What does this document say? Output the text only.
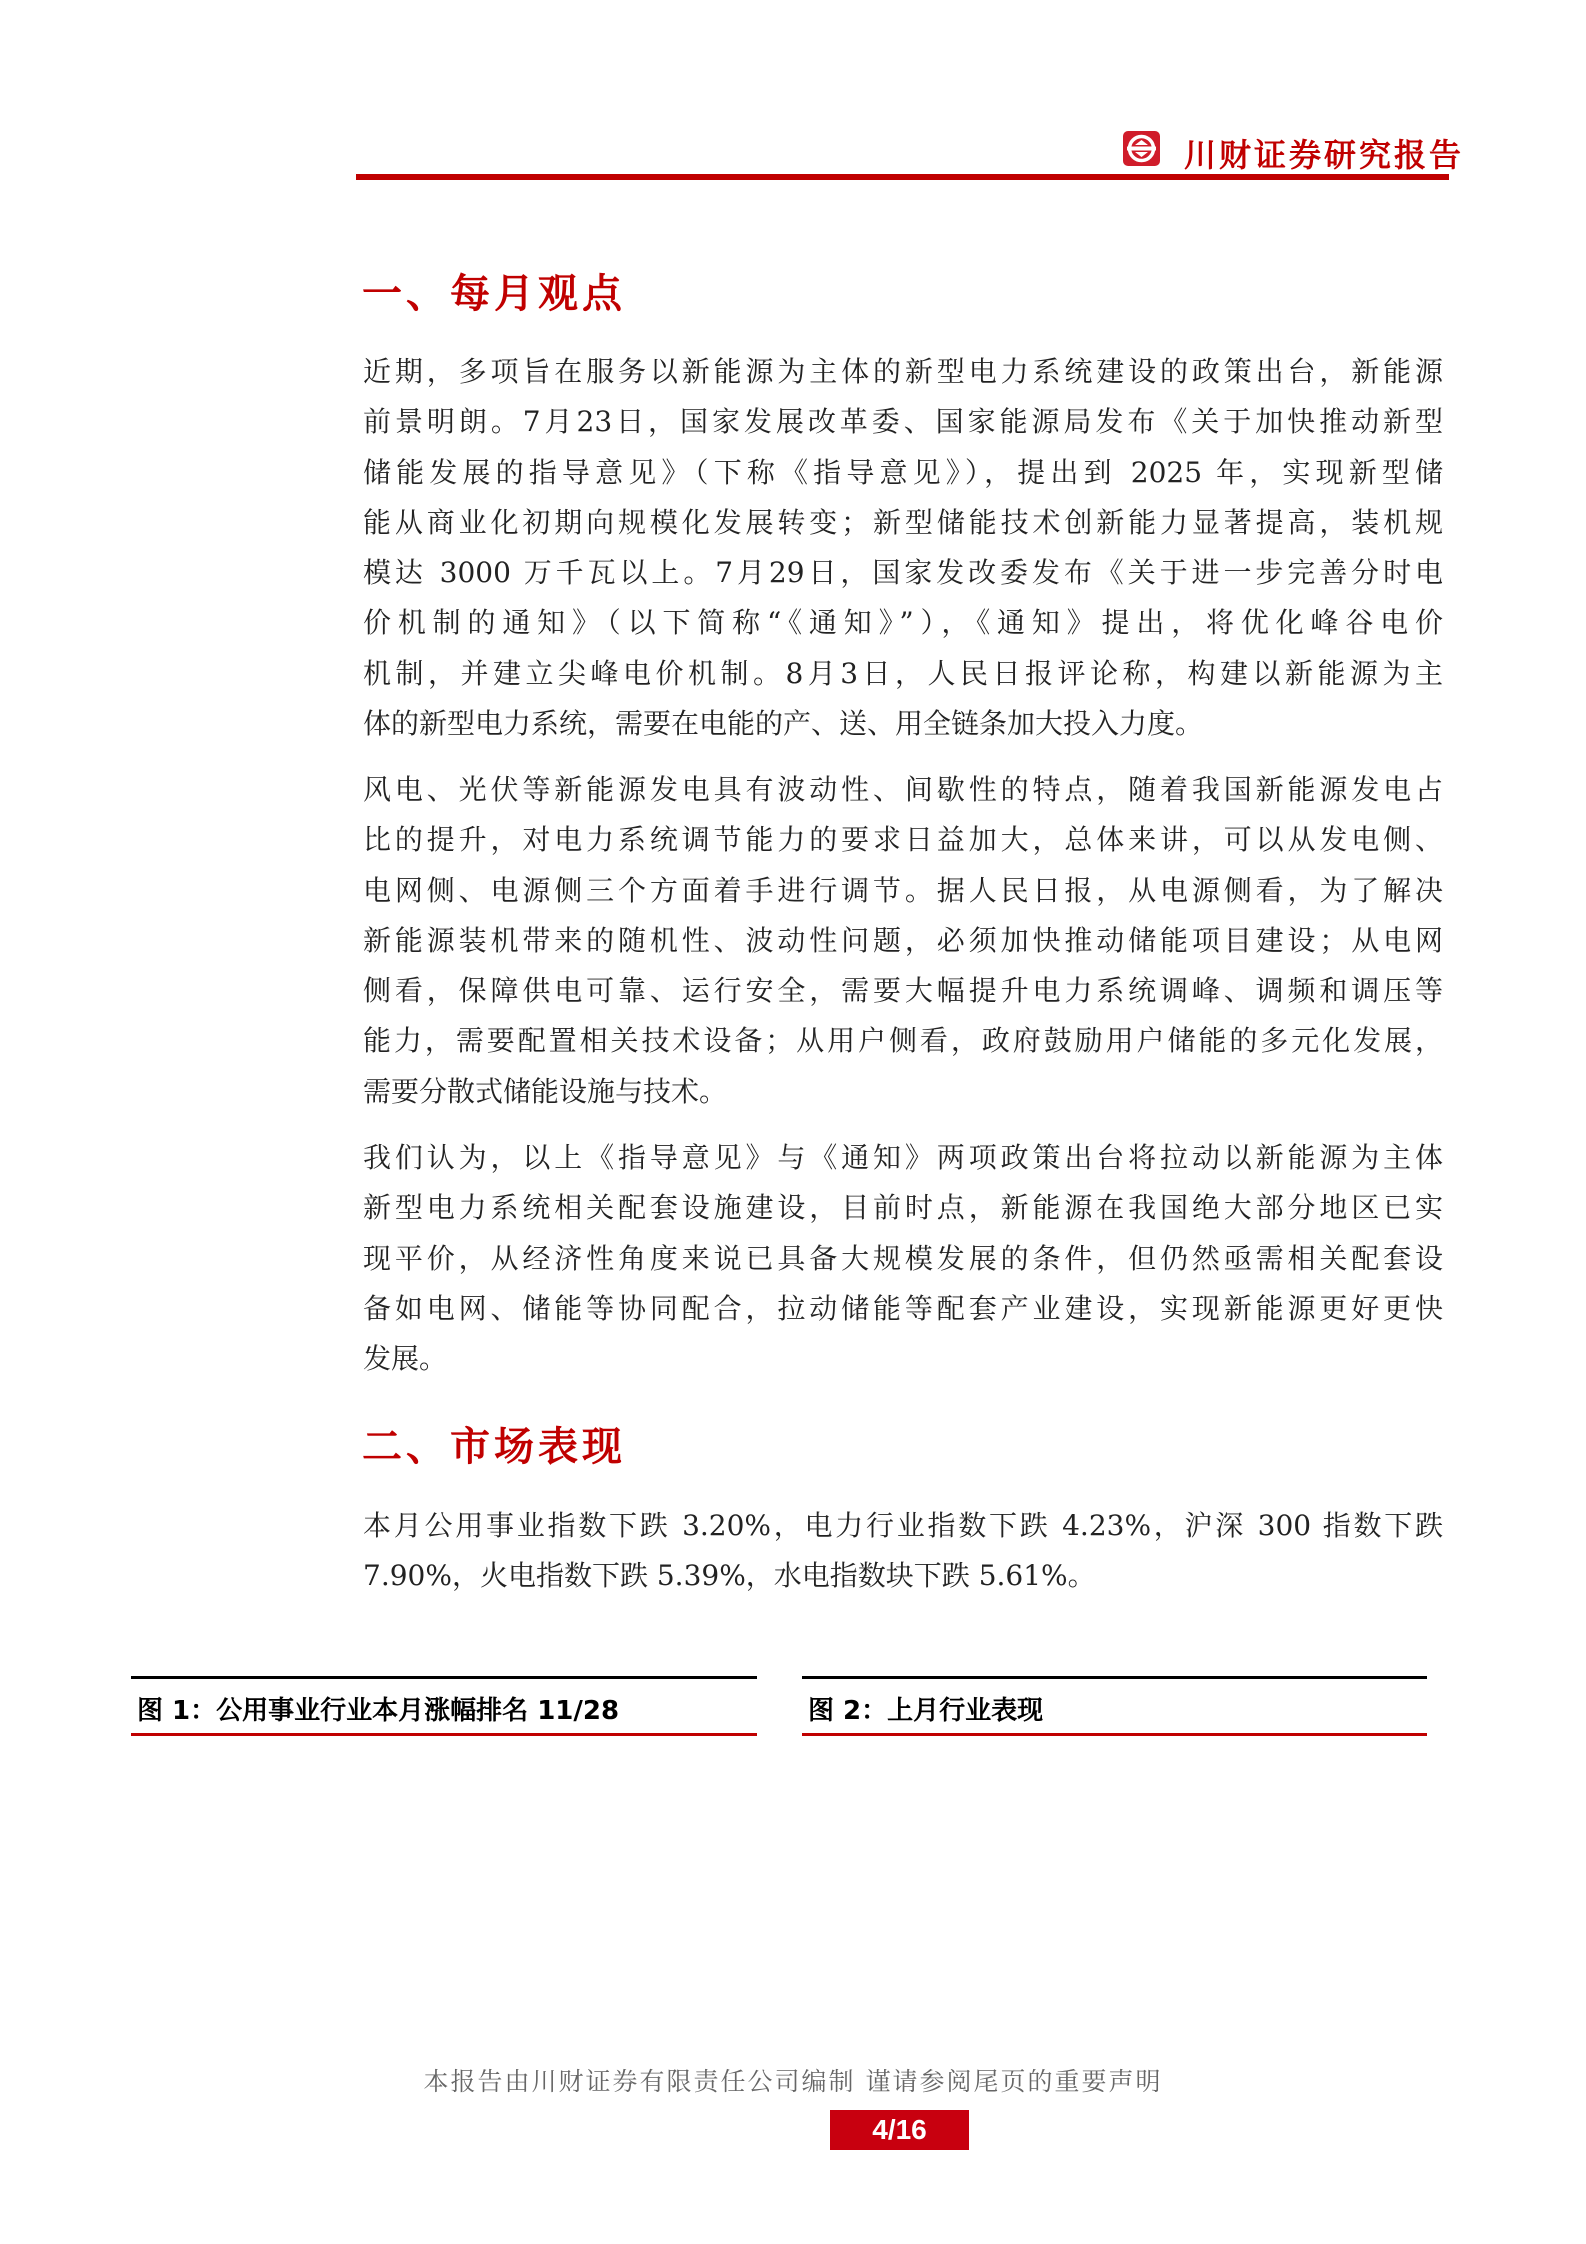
川财证券研究报告
一、每月观点
近期，多项旨在服务以新能源为主体的新型电力系统建设的政策出台，新能源
前景明朗。7月23日，国家发展改革委、国家能源局发布《关于加快推动新型
储能发展的指导意见》（下称《指导意见》），提出到 2025 年，实现新型储
能从商业化初期向规模化发展转变；新型储能技术创新能力显著提高，装机规
模达 3000 万千瓦以上。7月29日，国家发改委发布《关于进一步完善分时电
价机制的通知》（以下简称“《通知》”），《通知》提出，将优化峰谷电价
机制，并建立尖峰电价机制。8月3日，人民日报评论称，构建以新能源为主
体的新型电力系统，需要在电能的产、送、用全链条加大投入力度。
风电、光伏等新能源发电具有波动性、间歇性的特点，随着我国新能源发电占
比的提升，对电力系统调节能力的要求日益加大，总体来讲，可以从发电侧、
电网侧、电源侧三个方面着手进行调节。据人民日报，从电源侧看，为了解决
新能源装机带来的随机性、波动性问题，必须加快推动储能项目建设；从电网
侧看，保障供电可靠、运行安全，需要大幅提升电力系统调峰、调频和调压等
能力，需要配置相关技术设备；从用户侧看，政府鼓励用户储能的多元化发展，
需要分散式储能设施与技术。
我们认为，以上《指导意见》与《通知》两项政策出台将拉动以新能源为主体
新型电力系统相关配套设施建设，目前时点，新能源在我国绝大部分地区已实
现平价，从经济性角度来说已具备大规模发展的条件，但仍然亟需相关配套设
备如电网、储能等协同配合，拉动储能等配套产业建设，实现新能源更好更快
发展。
二、市场表现
本月公用事业指数下跌 3.20%，电力行业指数下跌 4.23%，沪深 300 指数下跌
7.90%，火电指数下跌 5.39%，水电指数块下跌 5.61%。
图 1：公用事业行业本月涨幅排名 11/28	图 2：上月行业表现
本报告由川财证券有限责任公司编制 谨请参阅尾页的重要声明
4/16
